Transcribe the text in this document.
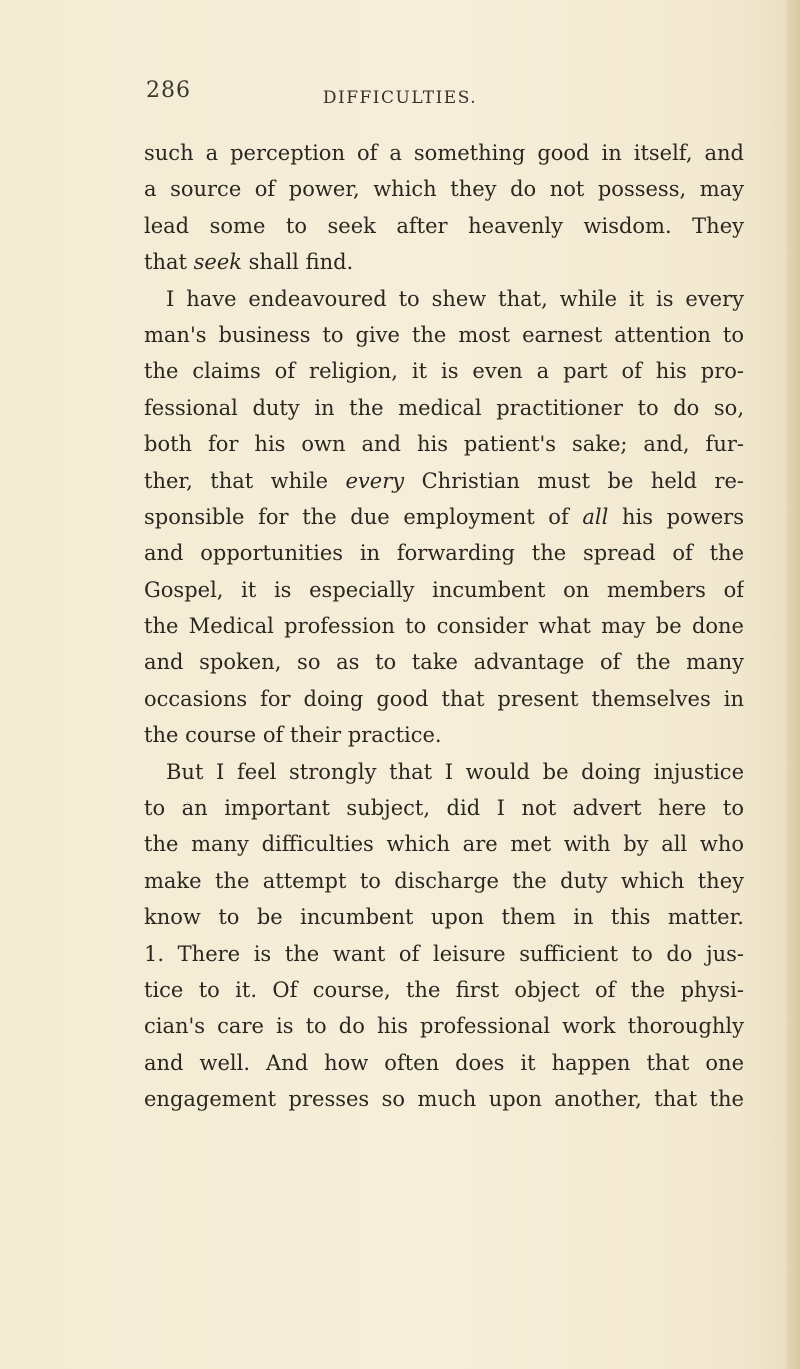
286	DIFFICULTIES.
such a perception of a something good in itself, and
a source of power, which they do not possess, may
lead some to seek after heavenly wisdom. They
that seek shall find.
I have endeavoured to shew that, while it is every
man's business to give the most earnest attention to
the claims of religion, it is even a part of his pro-
fessional duty in the medical practitioner to do so,
both for his own and his patient's sake; and, fur-
ther, that while every Christian must be held re-
sponsible for the due employment of all his powers
and opportunities in forwarding the spread of the
Gospel, it is especially incumbent on members of
the Medical profession to consider what may be done
and spoken, so as to take advantage of the many
occasions for doing good that present themselves in
the course of their practice.
But I feel strongly that I would be doing injustice
to an important subject, did I not advert here to
the many difficulties which are met with by all who
make the attempt to discharge the duty which they
know to be incumbent upon them in this matter.
1. There is the want of leisure sufficient to do jus-
tice to it. Of course, the first object of the physi-
cian's care is to do his professional work thoroughly
and well. And how often does it happen that one
engagement presses so much upon another, that the
